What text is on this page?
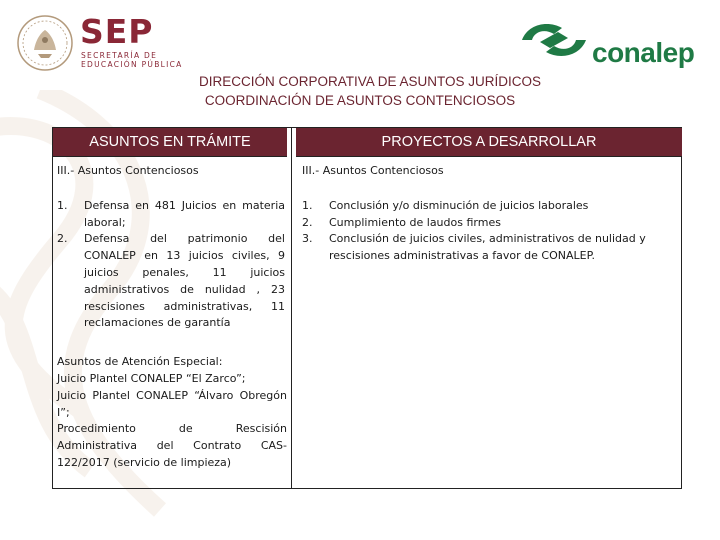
SEP
SECRETARÍA DE
EDUCACIÓN PÚBLICA	conalep
DIRECCIÓN CORPORATIVA DE ASUNTOS JURÍDICOS
COORDINACIÓN DE ASUNTOS CONTENCIOSOS
ASUNTOS EN TRÁMITE
III.- Asuntos Contenciosos
1. Defensa en 481 Juicios en materia laboral;
2. Defensa del patrimonio del CONALEP en 13 juicios civiles, 9 juicios penales, 11 juicios administrativos de nulidad , 23 rescisiones administrativas, 11 reclamaciones de garantía
Asuntos de Atención Especial:
Juicio Plantel CONALEP “El Zarco”;
Juicio Plantel CONALEP “Álvaro Obregón I”;
Procedimiento de Rescisión Administrativa del Contrato CAS-122/2017 (servicio de limpieza)
PROYECTOS A DESARROLLAR
III.- Asuntos Contenciosos
1. Conclusión y/o disminución de juicios laborales
2. Cumplimiento de laudos firmes
3. Conclusión de juicios civiles, administrativos de nulidad y rescisiones administrativas a favor de CONALEP.
